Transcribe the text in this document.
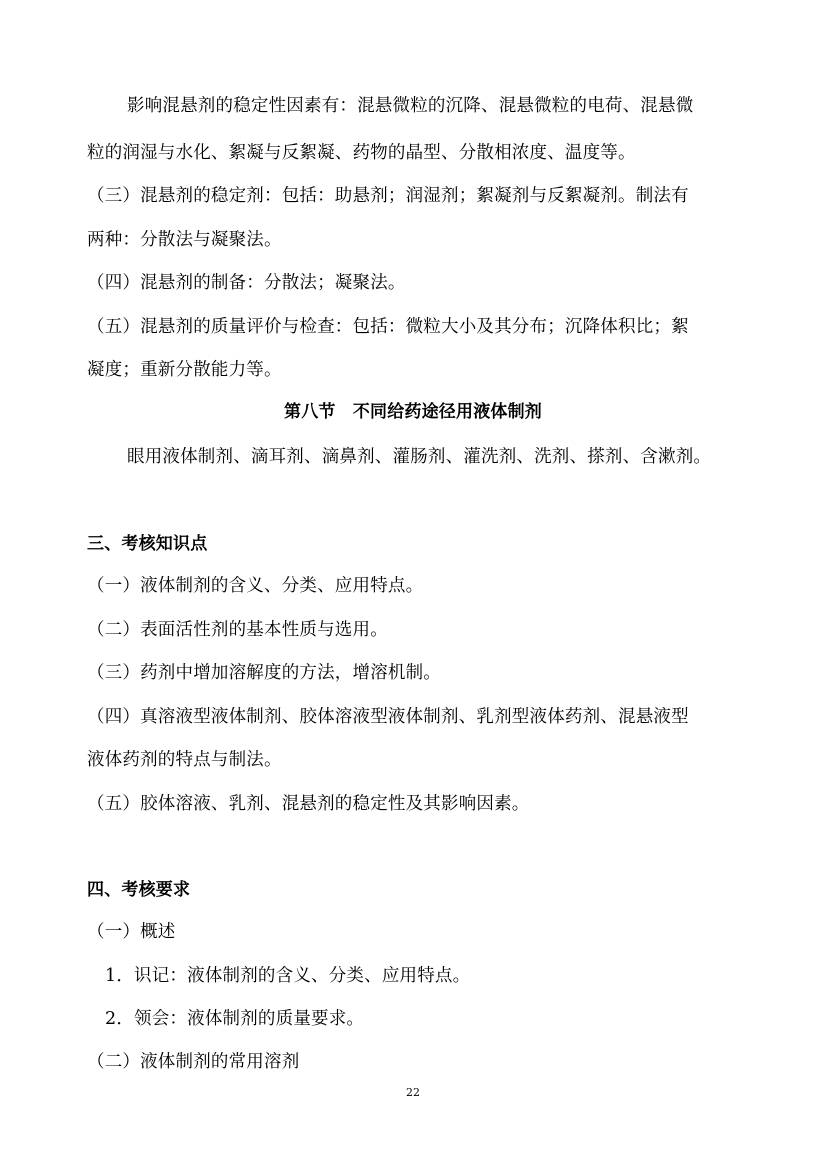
影响混悬剂的稳定性因素有：混悬微粒的沉降、混悬微粒的电荷、混悬微
粒的润湿与水化、絮凝与反絮凝、药物的晶型、分散相浓度、温度等。
（三）混悬剂的稳定剂：包括：助悬剂；润湿剂；絮凝剂与反絮凝剂。制法有
两种：分散法与凝聚法。
（四）混悬剂的制备：分散法；凝聚法。
（五）混悬剂的质量评价与检查：包括：微粒大小及其分布；沉降体积比；絮
凝度；重新分散能力等。
第八节　不同给药途径用液体制剂
眼用液体制剂、滴耳剂、滴鼻剂、灌肠剂、灌洗剂、洗剂、搽剂、含漱剂。
三、考核知识点
（一）液体制剂的含义、分类、应用特点。
（二）表面活性剂的基本性质与选用。
（三）药剂中增加溶解度的方法，增溶机制。
（四）真溶液型液体制剂、胶体溶液型液体制剂、乳剂型液体药剂、混悬液型
液体药剂的特点与制法。
（五）胶体溶液、乳剂、混悬剂的稳定性及其影响因素。
四、考核要求
（一）概述
1．识记：液体制剂的含义、分类、应用特点。
2．领会：液体制剂的质量要求。
（二）液体制剂的常用溶剂
22
